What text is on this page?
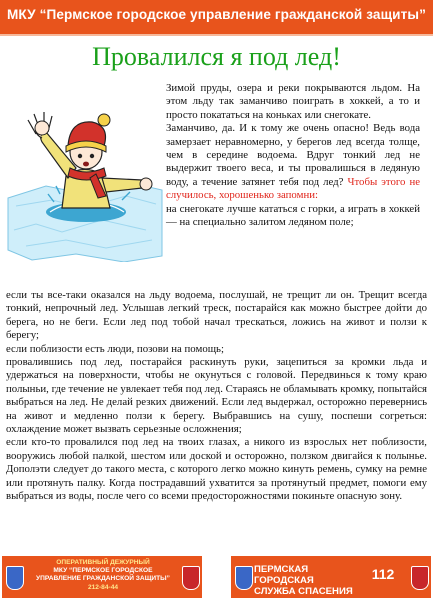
МКУ “Пермское городское управление гражданской защиты”
Провалился я под лед!

Зимой пруды, озера и реки покрываются льдом. На этом льду так заманчиво поиграть в хоккей, а то и просто покататься на коньках или снегокате.

Заманчиво, да. И к тому же очень опасно! Ведь вода замерзает неравномерно, у берегов лед всегда толще, чем в середине водоема. Вдруг тонкий лед не выдержит твоего веса, и ты провалишься в ледяную воду, а течение затянет тебя под лед? Чтобы этого не случилось, хорошенько запомни:

на снегокате лучше кататься с горки, а играть в хоккей — на специально залитом ледяном поле;

если ты все-таки оказался на льду водоема, послушай, не трещит ли он. Трещит всегда тонкий, непрочный лед. Услышав легкий треск, постарайся как можно быстрее дойти до берега, но не беги. Если лед под тобой начал трескаться, ложись на живот и ползи к берегу;

если поблизости есть люди, позови на помощь;

провалившись под лед, постарайся раскинуть руки, зацепиться за кромки льда и удержаться на поверхности, чтобы не окунуться с головой. Передвинься к тому краю полыньи, где течение не увлекает тебя под лед. Стараясь не обламывать кромку, попытайся выбраться на лед. Не делай резких движений. Если лед выдержал, осторожно перевернись на живот и медленно ползи к берегу. Выбравшись на сушу, поспеши согреться: охлаждение может вызвать серьезные осложнения;

если кто-то провалился под лед на твоих глазах, а никого из взрослых нет поблизости, вооружись любой палкой, шестом или доской и осторожно, ползком двигайся к полынье. Дополэти следует до такого места, с которого легко можно кинуть ремень, сумку на ремне или протянуть палку. Когда пострадавший ухватится за протянутый предмет, помоги ему выбраться из воды, после чего со всеми предосторожностями покиньте опасную зону.

ОПЕРАТИВНЫЙ ДЕЖУРНЫЙ
МКУ “ПЕРМСКОЕ ГОРОДСКОЕ
УПРАВЛЕНИЕ ГРАЖДАНСКОЙ ЗАЩИТЫ”
212-84-44
ПЕРМСКАЯ ГОРОДСКАЯ
СЛУЖБА СПАСЕНИЯ
112
